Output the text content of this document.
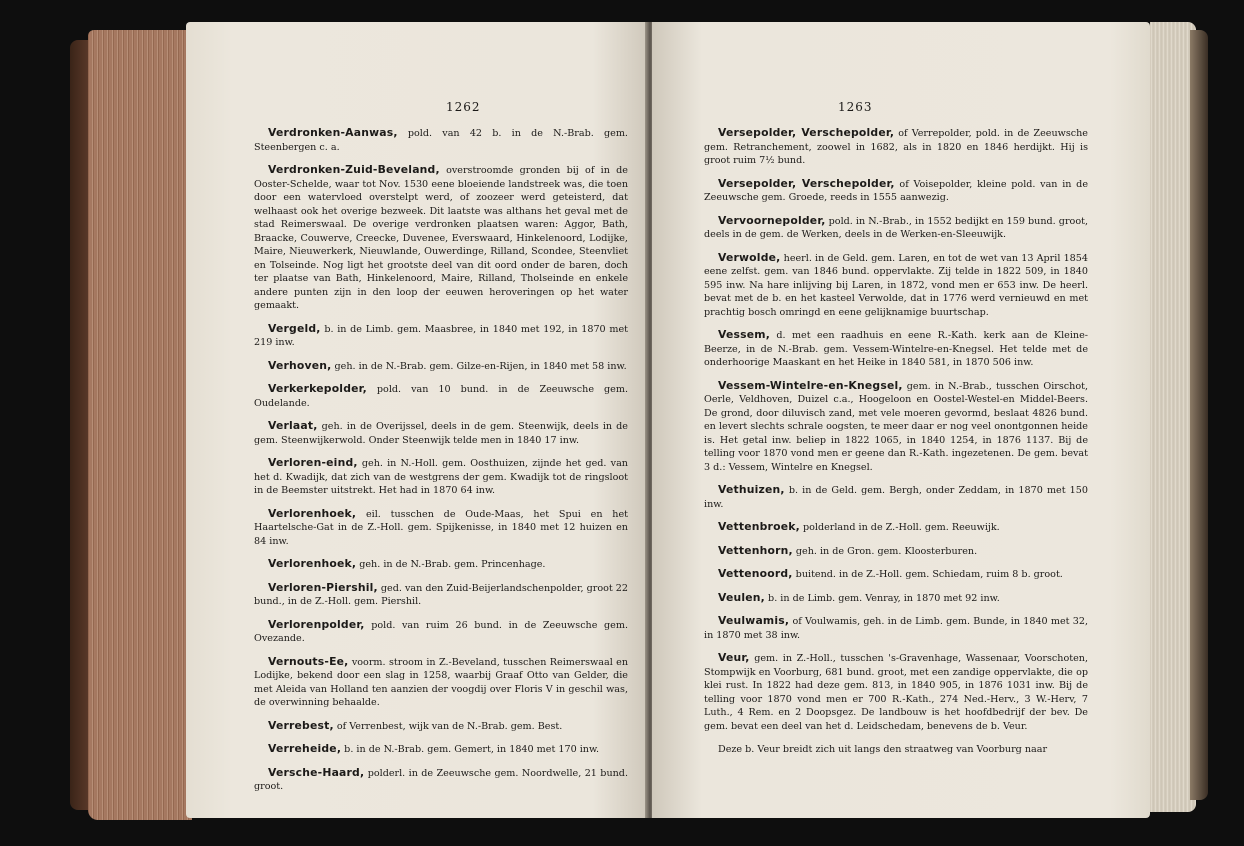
1262

Verdronken-Aanwas, pold. van 42 b. in de N.-Brab. gem. Steenbergen c. a.

Verdronken-Zuid-Beveland, overstroomde gronden bij of in de Ooster-Schelde, waar tot Nov. 1530 eene bloeiende landstreek was, die toen door een watervloed overstelpt werd, of zoozeer werd geteisterd, dat welhaast ook het overige bezweek. Dit laatste was althans het geval met de stad Reimerswaal. De overige verdronken plaatsen waren: Aggor, Bath, Braacke, Couwerve, Creecke, Duvenee, Everswaard, Hinkelenoord, Lodijke, Maire, Nieuwerkerk, Nieuwlande, Ouwerdinge, Rilland, Scondee, Steenvliet en Tolseinde. Nog ligt het grootste deel van dit oord onder de baren, doch ter plaatse van Bath, Hinkelenoord, Maire, Rilland, Tholseinde en enkele andere punten zijn in den loop der eeuwen heroveringen op het water gemaakt.

Vergeld, b. in de Limb. gem. Maasbree, in 1840 met 192, in 1870 met 219 inw.

Verhoven, geh. in de N.-Brab. gem. Gilze-en-Rijen, in 1840 met 58 inw.

Verkerkepolder, pold. van 10 bund. in de Zeeuwsche gem. Oudelande.

Verlaat, geh. in de Overijssel, deels in de gem. Steenwijk, deels in de gem. Steenwijkerwold. Onder Steenwijk telde men in 1840 17 inw.

Verloren-eind, geh. in N.-Holl. gem. Oosthuizen, zijnde het ged. van het d. Kwadijk, dat zich van de westgrens der gem. Kwadijk tot de ringsloot in de Beemster uitstrekt. Het had in 1870 64 inw.

Verlorenhoek, eil. tusschen de Oude-Maas, het Spui en het Haartelsche-Gat in de Z.-Holl. gem. Spijkenisse, in 1840 met 12 huizen en 84 inw.

Verlorenhoek, geh. in de N.-Brab. gem. Princenhage.

Verloren-Piershil, ged. van den Zuid-Beijerlandschenpolder, groot 22 bund., in de Z.-Holl. gem. Piershil.

Verlorenpolder, pold. van ruim 26 bund. in de Zeeuwsche gem. Ovezande.

Vernouts-Ee, voorm. stroom in Z.-Beveland, tusschen Reimerswaal en Lodijke, bekend door een slag in 1258, waarbij Graaf Otto van Gelder, die met Aleida van Holland ten aanzien der voogdij over Floris V in geschil was, de overwinning behaalde.

Verrebest, of Verrenbest, wijk van de N.-Brab. gem. Best.

Verreheide, b. in de N.-Brab. gem. Gemert, in 1840 met 170 inw.

Versche-Haard, polderl. in de Zeeuwsche gem. Noordwelle, 21 bund. groot.

1263

Versepolder, Verschepolder, of Verrepolder, pold. in de Zeeuwsche gem. Retranchement, zoowel in 1682, als in 1820 en 1846 herdijkt. Hij is groot ruim 7½ bund.

Versepolder, Verschepolder, of Voisepolder, kleine pold. van in de Zeeuwsche gem. Groede, reeds in 1555 aanwezig.

Vervoornepolder, pold. in N.-Brab., in 1552 bedijkt en 159 bund. groot, deels in de gem. de Werken, deels in de Werken-en-Sleeuwijk.

Verwolde, heerl. in de Geld. gem. Laren, en tot de wet van 13 April 1854 eene zelfst. gem. van 1846 bund. oppervlakte. Zij telde in 1822 509, in 1840 595 inw. Na hare inlijving bij Laren, in 1872, vond men er 653 inw. De heerl. bevat met de b. en het kasteel Verwolde, dat in 1776 werd vernieuwd en met prachtig bosch omringd en eene gelijknamige buurtschap.

Vessem, d. met een raadhuis en eene R.-Kath. kerk aan de Kleine-Beerze, in de N.-Brab. gem. Vessem-Wintelre-en-Knegsel. Het telde met de onderhoorige Maaskant en het Heike in 1840 581, in 1870 506 inw.

Vessem-Wintelre-en-Knegsel, gem. in N.-Brab., tusschen Oirschot, Oerle, Veldhoven, Duizel c.a., Hoogeloon en Oostel-Westel-en Middel-Beers. De grond, door diluvisch zand, met vele moeren gevormd, beslaat 4826 bund. en levert slechts schrale oogsten, te meer daar er nog veel onontgonnen heide is. Het getal inw. beliep in 1822 1065, in 1840 1254, in 1876 1137. Bij de telling voor 1870 vond men er geene dan R.-Kath. ingezetenen. De gem. bevat 3 d.: Vessem, Wintelre en Knegsel.

Vethuizen, b. in de Geld. gem. Bergh, onder Zeddam, in 1870 met 150 inw.

Vettenbroek, polderland in de Z.-Holl. gem. Reeuwijk.

Vettenhorn, geh. in de Gron. gem. Kloosterburen.

Vettenoord, buitend. in de Z.-Holl. gem. Schiedam, ruim 8 b. groot.

Veulen, b. in de Limb. gem. Venray, in 1870 met 92 inw.

Veulwamis, of Voulwamis, geh. in de Limb. gem. Bunde, in 1840 met 32, in 1870 met 38 inw.

Veur, gem. in Z.-Holl., tusschen 's-Gravenhage, Wassenaar, Voorschoten, Stompwijk en Voorburg, 681 bund. groot, met een zandige oppervlakte, die op klei rust. In 1822 had deze gem. 813, in 1840 905, in 1876 1031 inw. Bij de telling voor 1870 vond men er 700 R.-Kath., 274 Ned.-Herv., 3 W.-Herv, 7 Luth., 4 Rem. en 2 Doopsgez. De landbouw is het hoofdbedrijf der bev. De gem. bevat een deel van het d. Leidschedam, benevens de b. Veur.

Deze b. Veur breidt zich uit langs den straatweg van Voorburg naar
